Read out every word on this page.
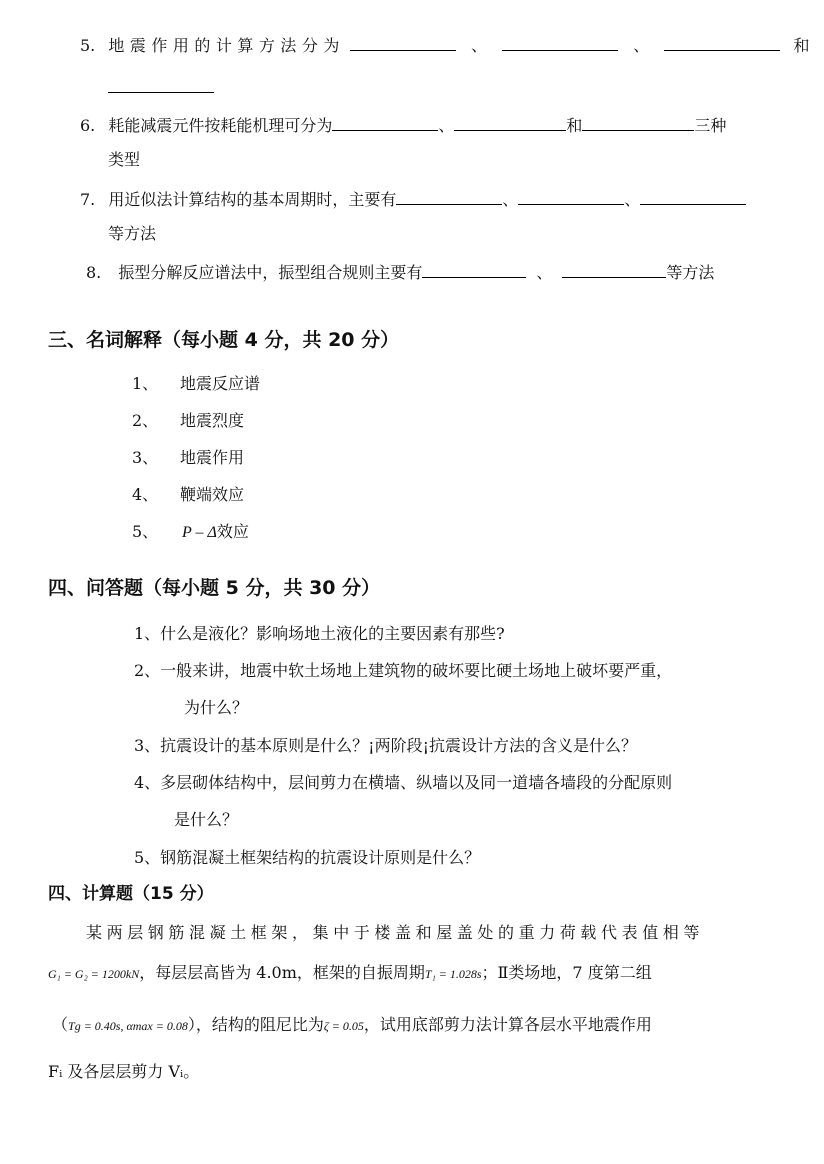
5. 地震作用的计算方法分为	、	、	和
6. 耗能减震元件按耗能机理可分为	、	和	三种
类型
7. 用近似法计算结构的基本周期时，主要有	、	、
等方法
8. 振型分解反应谱法中，振型组合规则主要有	、	等方法
三、名词解释（每小题 4 分，共 20 分）
1、 地震反应谱
2、 地震烈度
3、 地震作用
4、 鞭端效应
5、 P – Δ效应
四、问答题（每小题 5 分，共 30 分）
1、什么是液化？影响场地土液化的主要因素有那些?
2、一般来讲，地震中软土场地上建筑物的破坏要比硬土场地上破坏要严重，
为什么？
3、抗震设计的基本原则是什么？¡两阶段¡抗震设计方法的含义是什么？
4、多层砌体结构中，层间剪力在横墙、纵墙以及同一道墙各墙段的分配原则
是什么？
5、钢筋混凝土框架结构的抗震设计原则是什么？
四、计算题（15 分）
某两层钢筋混凝土框架，集中于楼盖和屋盖处的重力荷载代表值相等
G₁ = G₂ = 1200kN，每层层高皆为 4.0m，框架的自振周期T₁ = 1.028s；Ⅱ类场地，7 度第二组
（Tg = 0.40s, αmax = 0.08），结构的阻尼比为ζ = 0.05，试用底部剪力法计算各层水平地震作用
Fᵢ 及各层层剪力 Vᵢ。
